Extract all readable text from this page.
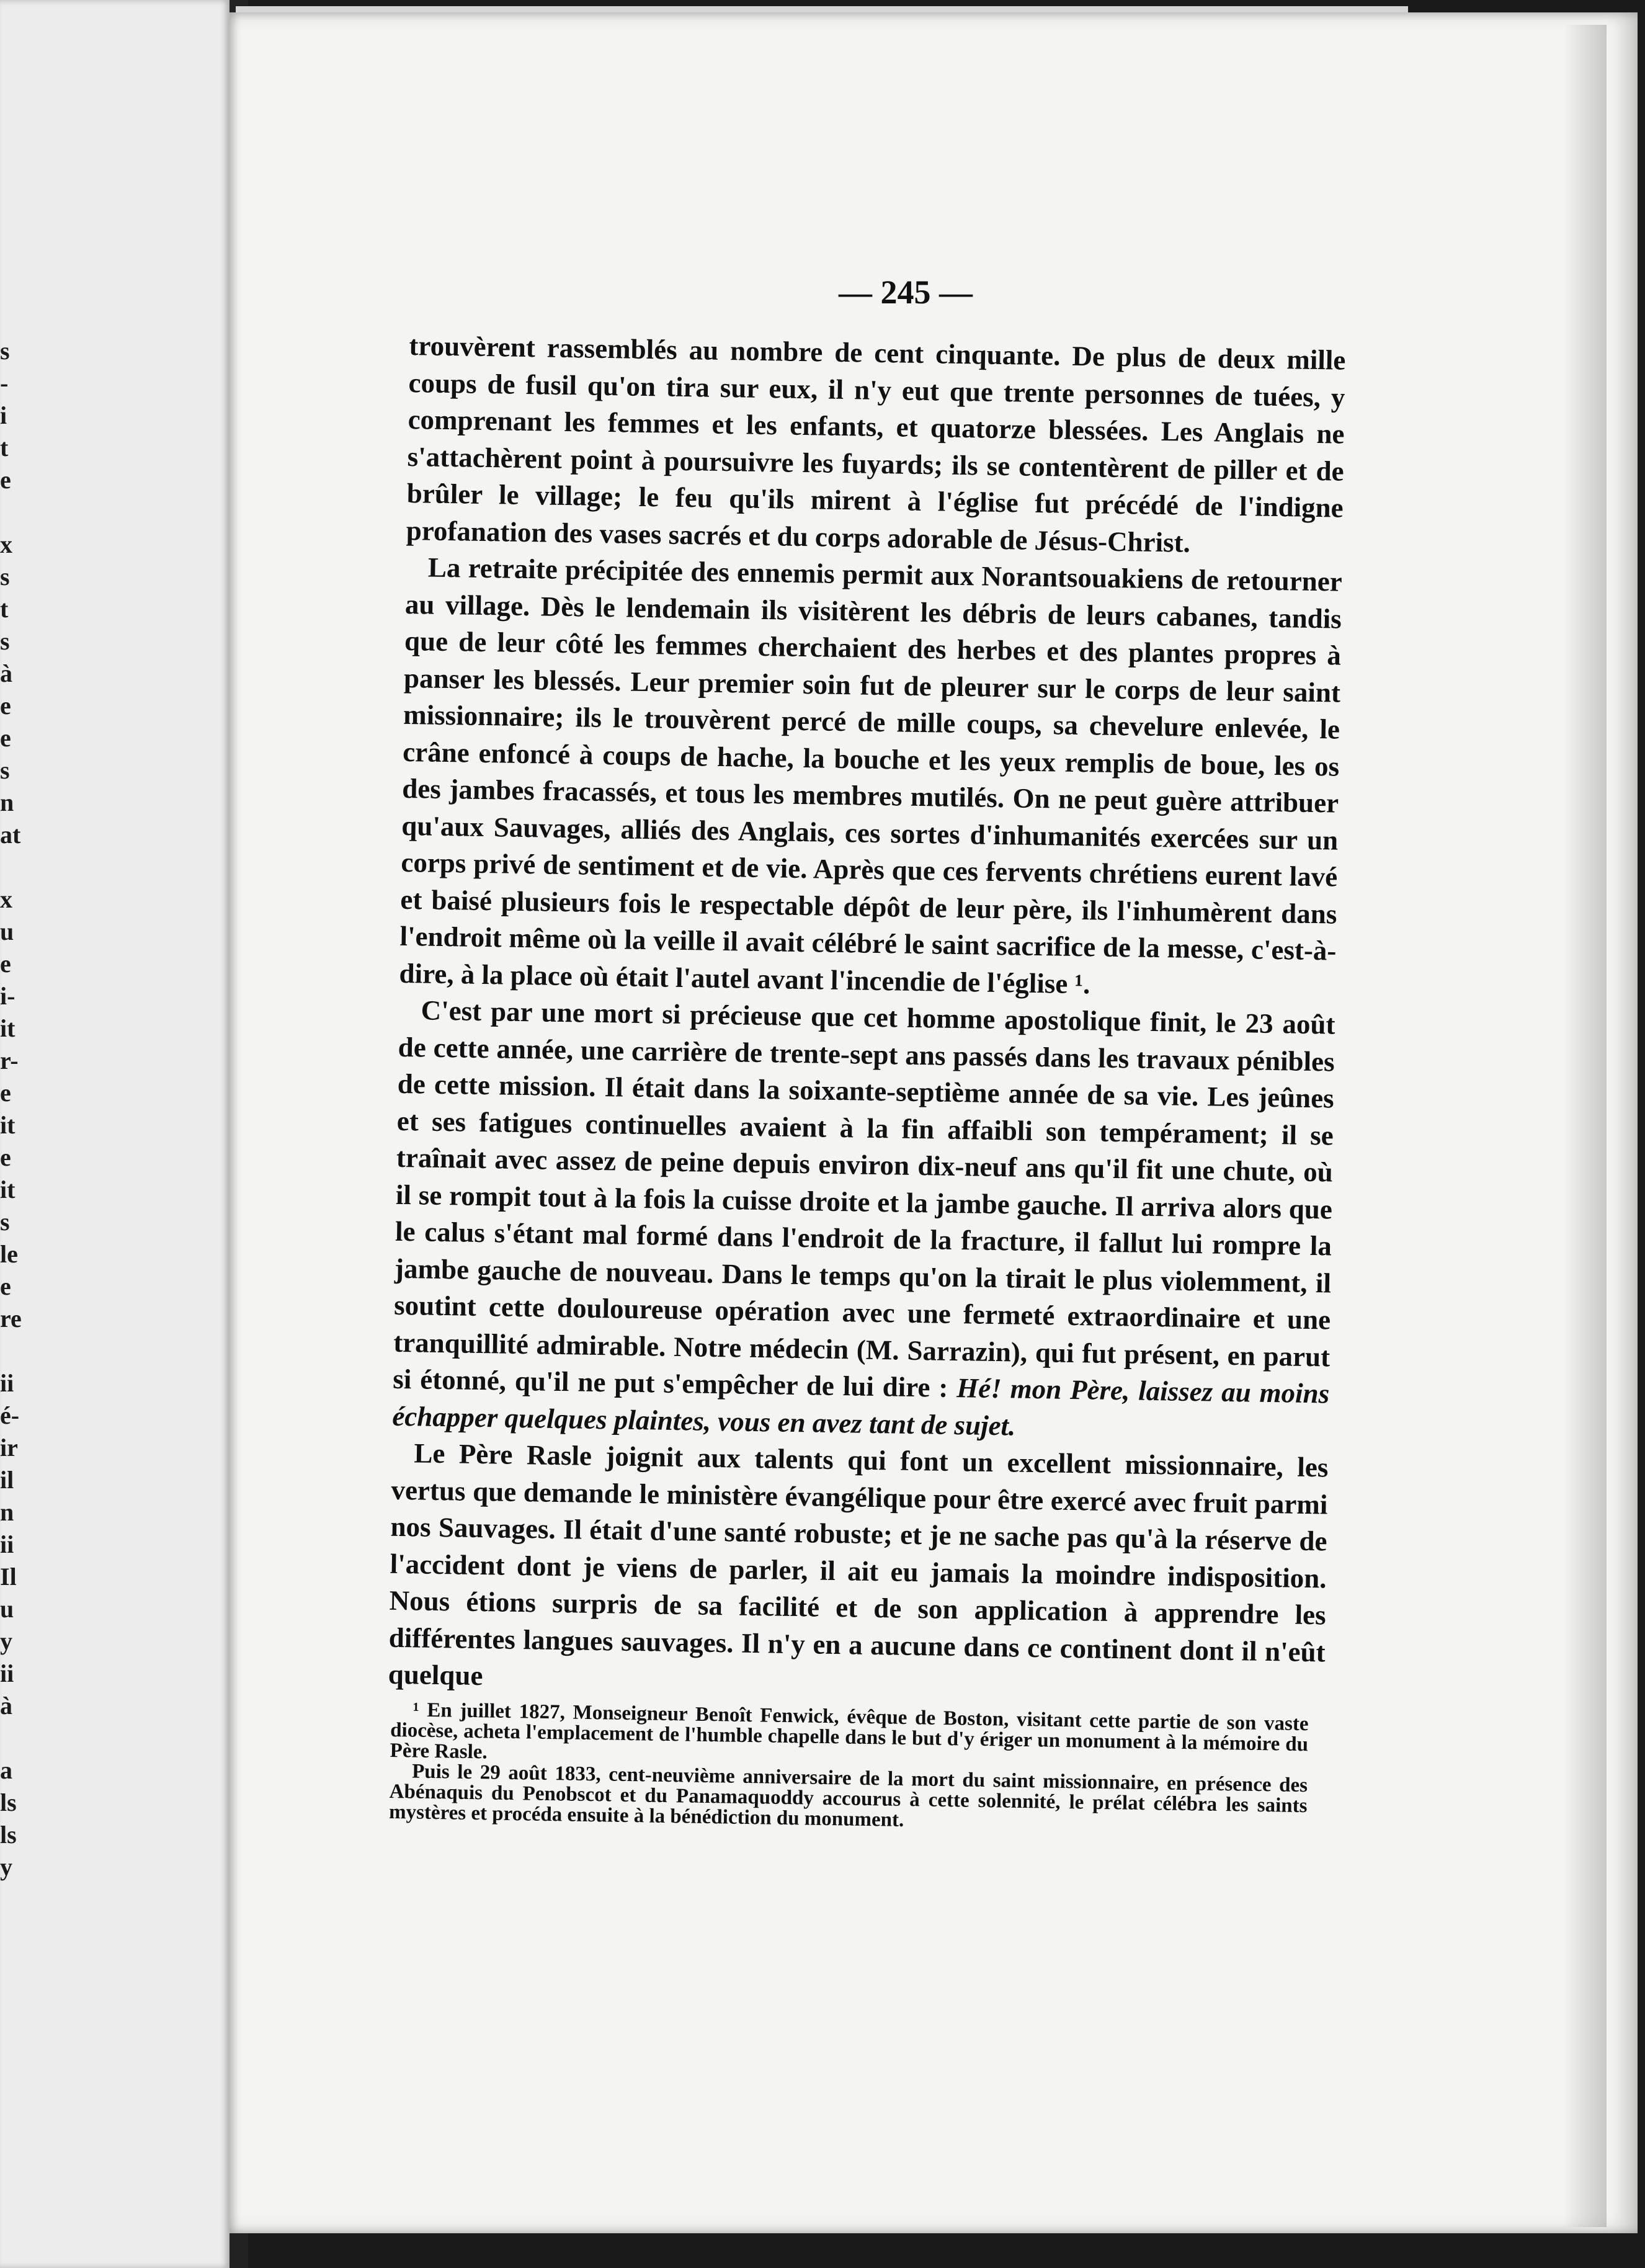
s
-
i
t
e

x
s
t
s
à
e
e
s
n
at

x
u
e
i-
it
r-
e
it
e
it
s
le
e
re

ii
é-
ir
il
n
ii
Il
u
y
ii
à

a
ls
ls
y
— 245 —

trouvèrent rassemblés au nombre de cent cinquante. De plus de deux mille coups de fusil qu'on tira sur eux, il n'y eut que trente personnes de tuées, y comprenant les femmes et les enfants, et quatorze blessées. Les Anglais ne s'attachèrent point à poursuivre les fuyards; ils se contentèrent de piller et de brûler le village; le feu qu'ils mirent à l'église fut précédé de l'indigne profanation des vases sacrés et du corps adorable de Jésus-Christ.

La retraite précipitée des ennemis permit aux Norantsouakiens de retourner au village. Dès le lendemain ils visitèrent les débris de leurs cabanes, tandis que de leur côté les femmes cherchaient des herbes et des plantes propres à panser les blessés. Leur premier soin fut de pleurer sur le corps de leur saint missionnaire; ils le trouvèrent percé de mille coups, sa chevelure enlevée, le crâne enfoncé à coups de hache, la bouche et les yeux remplis de boue, les os des jambes fracassés, et tous les membres mutilés. On ne peut guère attribuer qu'aux Sauvages, alliés des Anglais, ces sortes d'inhumanités exercées sur un corps privé de sentiment et de vie. Après que ces fervents chrétiens eurent lavé et baisé plusieurs fois le respectable dépôt de leur père, ils l'inhumèrent dans l'endroit même où la veille il avait célébré le saint sacrifice de la messe, c'est-à-dire, à la place où était l'autel avant l'incendie de l'église ¹.

C'est par une mort si précieuse que cet homme apostolique finit, le 23 août de cette année, une carrière de trente-sept ans passés dans les travaux pénibles de cette mission. Il était dans la soixante-septième année de sa vie. Les jeûnes et ses fatigues continuelles avaient à la fin affaibli son tempérament; il se traînait avec assez de peine depuis environ dix-neuf ans qu'il fit une chute, où il se rompit tout à la fois la cuisse droite et la jambe gauche. Il arriva alors que le calus s'étant mal formé dans l'endroit de la fracture, il fallut lui rompre la jambe gauche de nouveau. Dans le temps qu'on la tirait le plus violemment, il soutint cette douloureuse opération avec une fermeté extraordinaire et une tranquillité admirable. Notre médecin (M. Sarrazin), qui fut présent, en parut si étonné, qu'il ne put s'empêcher de lui dire : Hé! mon Père, laissez au moins échapper quelques plaintes, vous en avez tant de sujet.

Le Père Rasle joignit aux talents qui font un excellent missionnaire, les vertus que demande le ministère évangélique pour être exercé avec fruit parmi nos Sauvages. Il était d'une santé robuste; et je ne sache pas qu'à la réserve de l'accident dont je viens de parler, il ait eu jamais la moindre indisposition. Nous étions surpris de sa facilité et de son application à apprendre les différentes langues sauvages. Il n'y en a aucune dans ce continent dont il n'eût quelque

¹ En juillet 1827, Monseigneur Benoît Fenwick, évêque de Boston, visitant cette partie de son vaste diocèse, acheta l'emplacement de l'humble chapelle dans le but d'y ériger un monument à la mémoire du Père Rasle.

Puis le 29 août 1833, cent-neuvième anniversaire de la mort du saint missionnaire, en présence des Abénaquis du Penobscot et du Panamaquoddy accourus à cette solennité, le prélat célébra les saints mystères et procéda ensuite à la bénédiction du monument.
